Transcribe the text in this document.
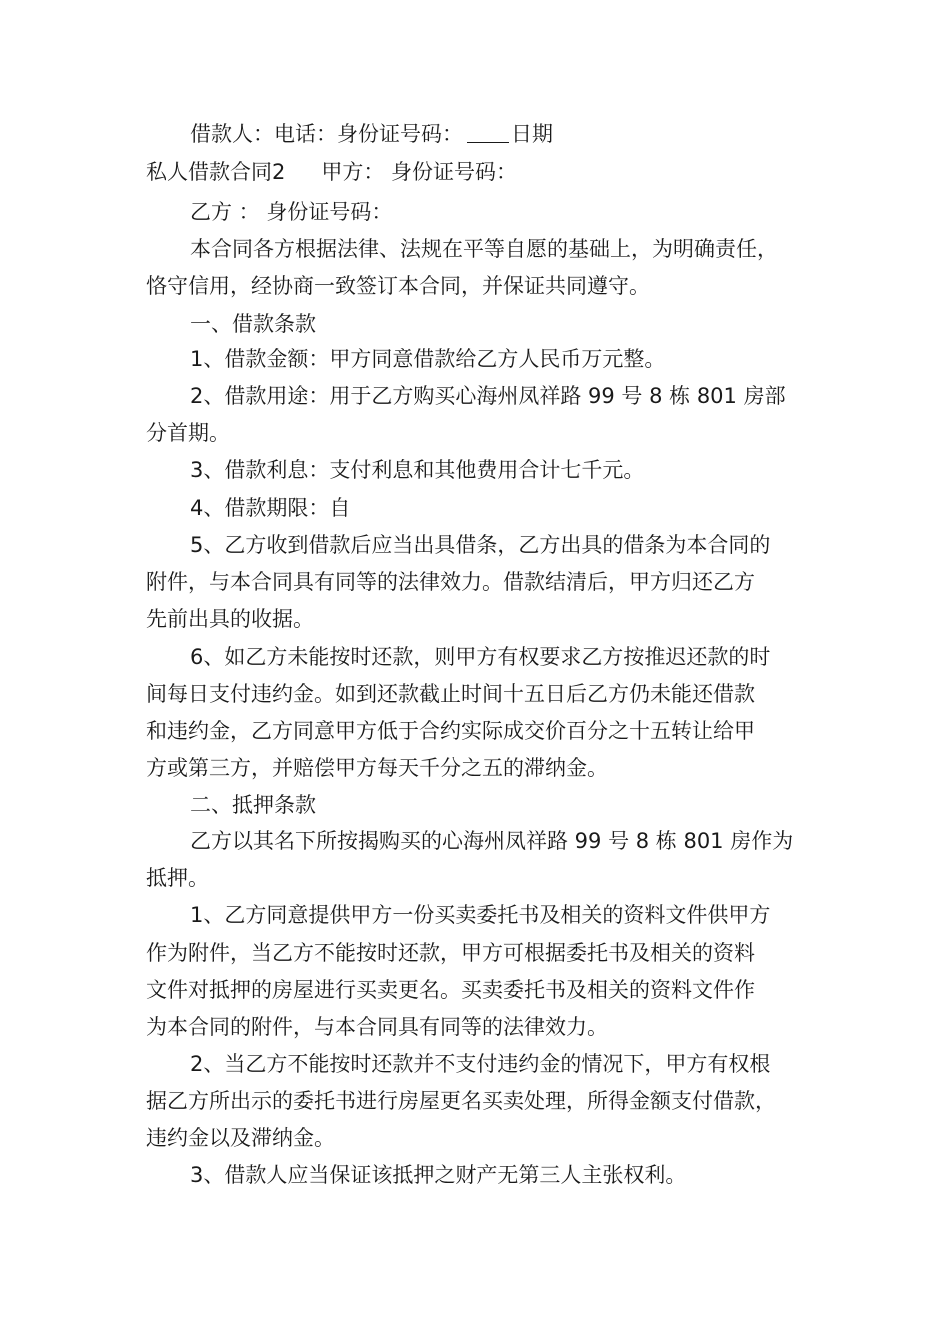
借款人：电话：身份证号码： 日期
私人借款合同2 甲方： 身份证号码：
乙方 ： 身份证号码：
本合同各方根据法律、法规在平等自愿的基础上，为明确责任，
恪守信用，经协商一致签订本合同，并保证共同遵守。
一、借款条款
1、借款金额：甲方同意借款给乙方人民币万元整。
2、借款用途：用于乙方购买心海州凤祥路 99 号 8 栋 801 房部
分首期。
3、借款利息：支付利息和其他费用合计七千元。
4、借款期限：自
5、乙方收到借款后应当出具借条，乙方出具的借条为本合同的
附件，与本合同具有同等的法律效力。借款结清后，甲方归还乙方
先前出具的收据。
6、如乙方未能按时还款，则甲方有权要求乙方按推迟还款的时
间每日支付违约金。如到还款截止时间十五日后乙方仍未能还借款
和违约金，乙方同意甲方低于合约实际成交价百分之十五转让给甲
方或第三方，并赔偿甲方每天千分之五的滞纳金。
二、抵押条款
乙方以其名下所按揭购买的心海州凤祥路 99 号 8 栋 801 房作为
抵押。
1、乙方同意提供甲方一份买卖委托书及相关的资料文件供甲方
作为附件，当乙方不能按时还款，甲方可根据委托书及相关的资料
文件对抵押的房屋进行买卖更名。买卖委托书及相关的资料文件作
为本合同的附件，与本合同具有同等的法律效力。
2、当乙方不能按时还款并不支付违约金的情况下，甲方有权根
据乙方所出示的委托书进行房屋更名买卖处理，所得金额支付借款，
违约金以及滞纳金。
3、借款人应当保证该抵押之财产无第三人主张权利。
